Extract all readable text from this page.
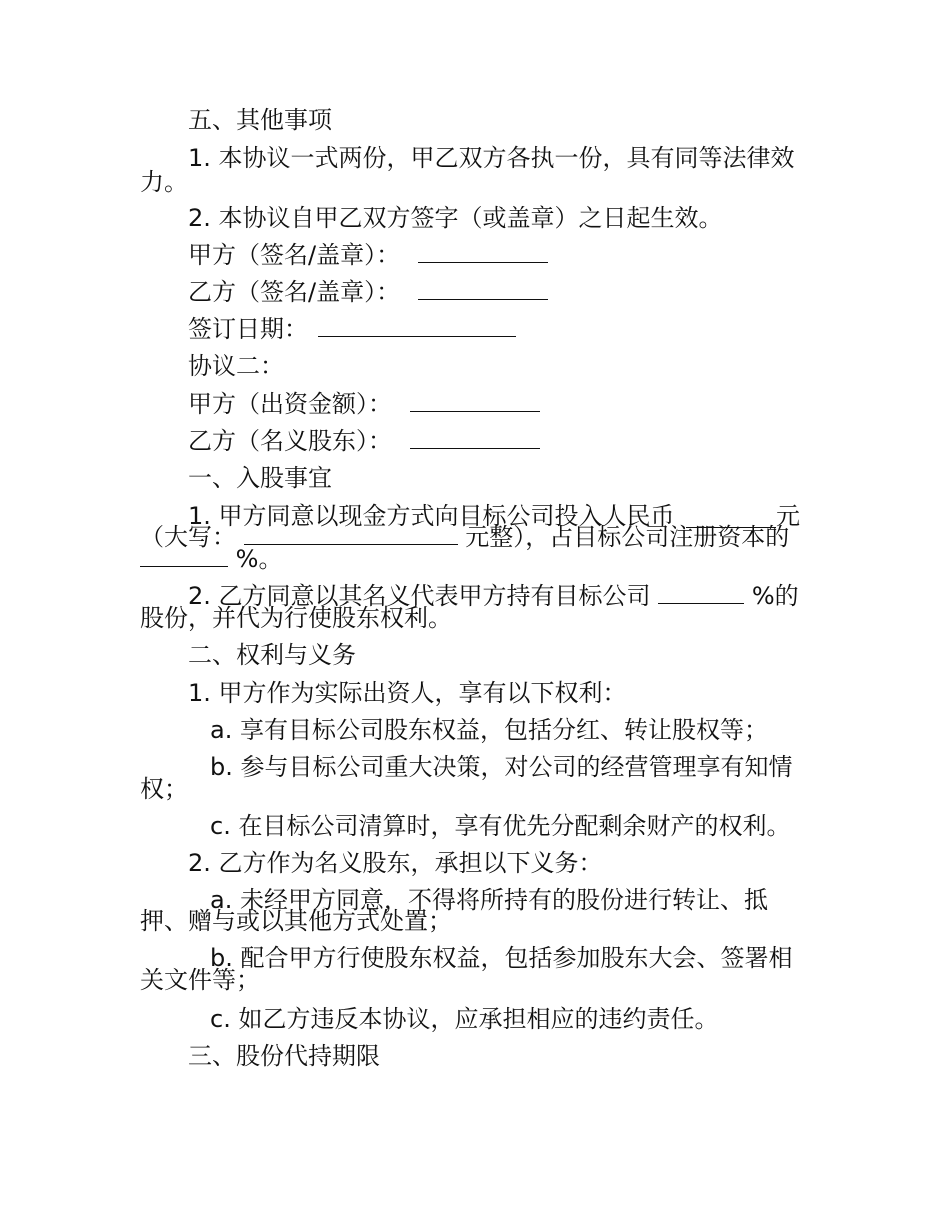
五、其他事项
1. 本协议一式两份，甲乙双方各执一份，具有同等法律效
力。
2. 本协议自甲乙双方签字（或盖章）之日起生效。
甲方（签名/盖章）：
乙方（签名/盖章）：
签订日期：
协议二：
甲方（出资金额）：
乙方（名义股东）：
一、入股事宜
1. 甲方同意以现金方式向目标公司投入人民币	元
（大写：	元整），占目标公司注册资本的
%。
2. 乙方同意以其名义代表甲方持有目标公司	%的
股份，并代为行使股东权利。
二、权利与义务
1. 甲方作为实际出资人，享有以下权利：
a. 享有目标公司股东权益，包括分红、转让股权等；
b. 参与目标公司重大决策，对公司的经营管理享有知情
权；
c. 在目标公司清算时，享有优先分配剩余财产的权利。
2. 乙方作为名义股东，承担以下义务：
a. 未经甲方同意，不得将所持有的股份进行转让、抵
押、赠与或以其他方式处置；
b. 配合甲方行使股东权益，包括参加股东大会、签署相
关文件等；
c. 如乙方违反本协议，应承担相应的违约责任。
三、股份代持期限
